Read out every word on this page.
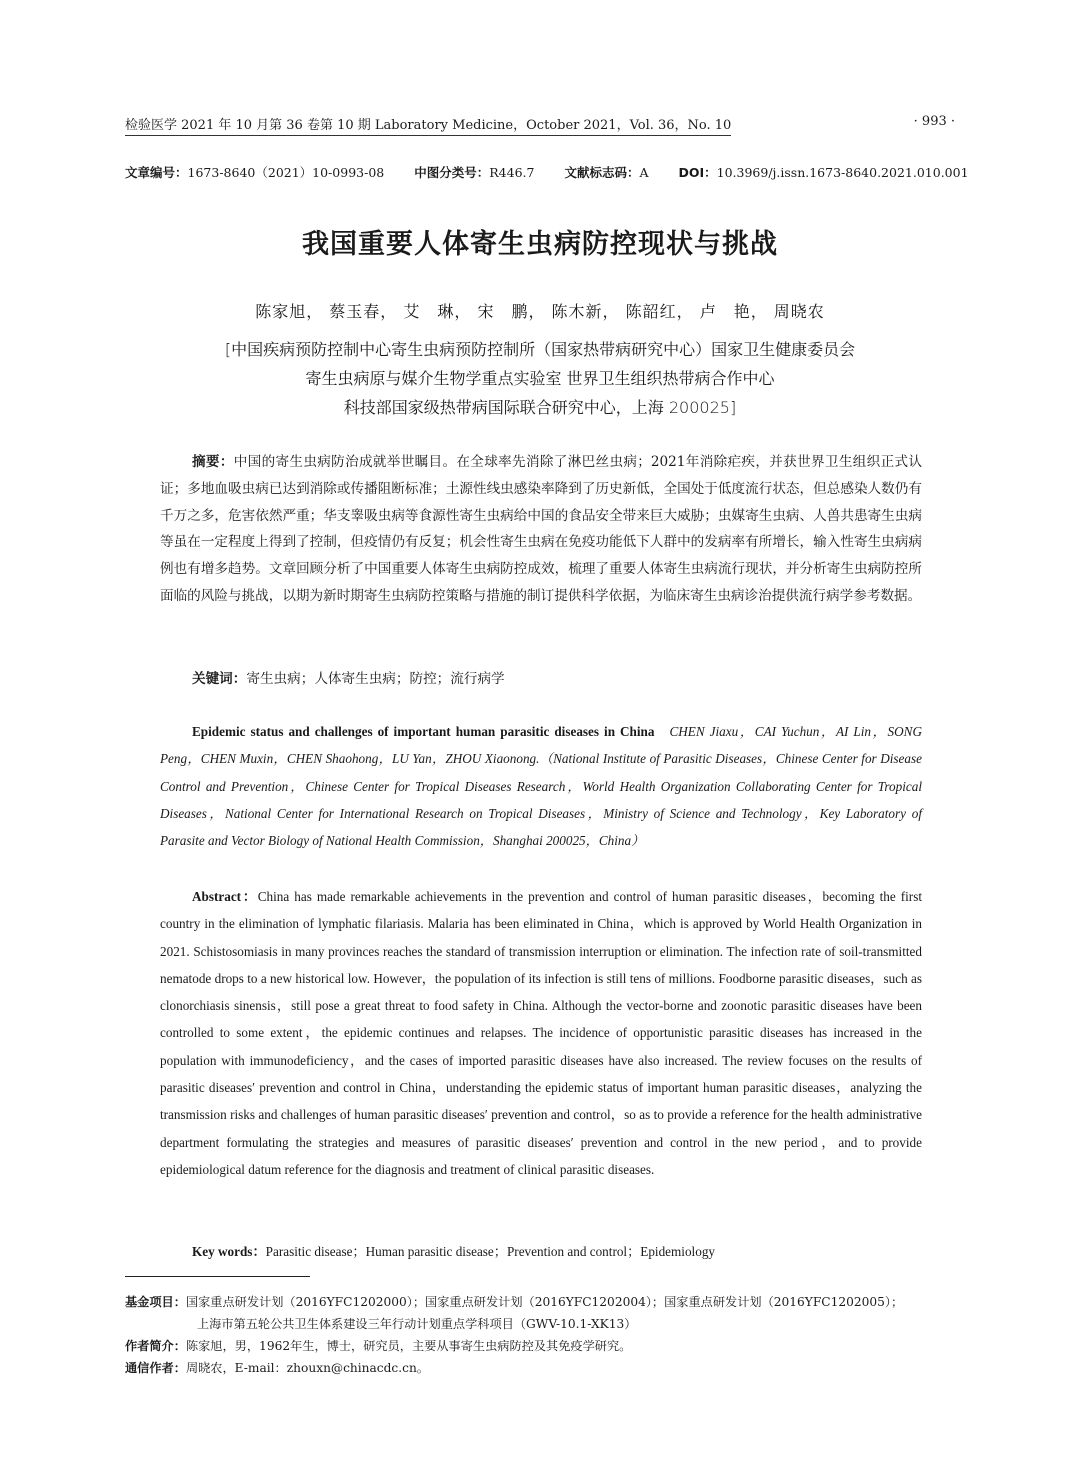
检验医学 2021 年 10 月第 36 卷第 10 期 Laboratory Medicine，October 2021，Vol. 36，No. 10	· 993 ·
文章编号：1673-8640（2021）10-0993-08 中图分类号：R446.7 文献标志码：A DOI：10.3969/j.issn.1673-8640.2021.010.001
我国重要人体寄生虫病防控现状与挑战
陈家旭， 蔡玉春， 艾　琳， 宋　鹏， 陈木新， 陈韶红， 卢　艳， 周晓农
[中国疾病预防控制中心寄生虫病预防控制所（国家热带病研究中心）国家卫生健康委员会
寄生虫病原与媒介生物学重点实验室 世界卫生组织热带病合作中心
科技部国家级热带病国际联合研究中心，上海 200025]
摘要：中国的寄生虫病防治成就举世瞩目。在全球率先消除了淋巴丝虫病；2021年消除疟疾，并获世界卫生组织正式认证；多地血吸虫病已达到消除或传播阻断标准；土源性线虫感染率降到了历史新低，全国处于低度流行状态，但总感染人数仍有千万之多，危害依然严重；华支睾吸虫病等食源性寄生虫病给中国的食品安全带来巨大威胁；虫媒寄生虫病、人兽共患寄生虫病等虽在一定程度上得到了控制，但疫情仍有反复；机会性寄生虫病在免疫功能低下人群中的发病率有所增长，输入性寄生虫病病例也有增多趋势。文章回顾分析了中国重要人体寄生虫病防控成效，梳理了重要人体寄生虫病流行现状，并分析寄生虫病防控所面临的风险与挑战，以期为新时期寄生虫病防控策略与措施的制订提供科学依据，为临床寄生虫病诊治提供流行病学参考数据。
关键词：寄生虫病；人体寄生虫病；防控；流行病学
Epidemic status and challenges of important human parasitic diseases in China CHEN Jiaxu，CAI Yuchun，AI Lin，SONG Peng，CHEN Muxin，CHEN Shaohong，LU Yan，ZHOU Xiaonong.（National Institute of Parasitic Diseases，Chinese Center for Disease Control and Prevention，Chinese Center for Tropical Diseases Research，World Health Organization Collaborating Center for Tropical Diseases，National Center for International Research on Tropical Diseases，Ministry of Science and Technology，Key Laboratory of Parasite and Vector Biology of National Health Commission，Shanghai 200025，China）
Abstract：China has made remarkable achievements in the prevention and control of human parasitic diseases，becoming the first country in the elimination of lymphatic filariasis. Malaria has been eliminated in China，which is approved by World Health Organization in 2021. Schistosomiasis in many provinces reaches the standard of transmission interruption or elimination. The infection rate of soil-transmitted nematode drops to a new historical low. However，the population of its infection is still tens of millions. Foodborne parasitic diseases，such as clonorchiasis sinensis，still pose a great threat to food safety in China. Although the vector-borne and zoonotic parasitic diseases have been controlled to some extent，the epidemic continues and relapses. The incidence of opportunistic parasitic diseases has increased in the population with immunodeficiency，and the cases of imported parasitic diseases have also increased. The review focuses on the results of parasitic diseases′ prevention and control in China，understanding the epidemic status of important human parasitic diseases，analyzing the transmission risks and challenges of human parasitic diseases′ prevention and control，so as to provide a reference for the health administrative department formulating the strategies and measures of parasitic diseases′ prevention and control in the new period，and to provide epidemiological datum reference for the diagnosis and treatment of clinical parasitic diseases.
Key words：Parasitic disease；Human parasitic disease；Prevention and control；Epidemiology
基金项目：国家重点研发计划（2016YFC1202000）；国家重点研发计划（2016YFC1202004）；国家重点研发计划（2016YFC1202005）；
上海市第五轮公共卫生体系建设三年行动计划重点学科项目（GWV-10.1-XK13）
作者简介：陈家旭，男，1962年生，博士，研究员，主要从事寄生虫病防控及其免疫学研究。
通信作者：周晓农，E-mail：zhouxn@chinacdc.cn。
